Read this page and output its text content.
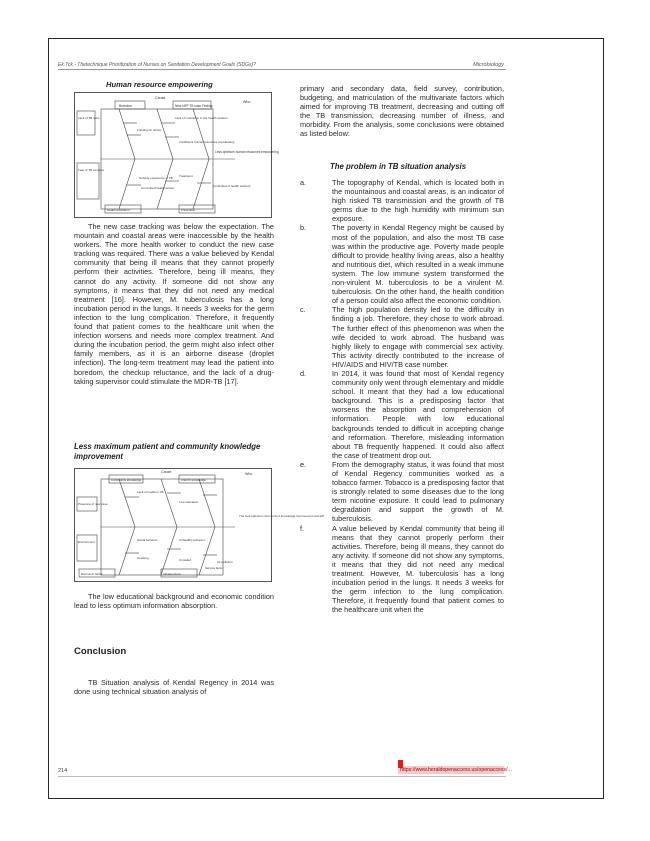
Ek.Tck - Thetechnique Prioritization of Nurses on Sanitation Development Goals (SDGs)?	Microbiology
Human resource empowering
Cause
New NFP TB case Finding
Boredom
Who
Lack of TB Jobs	Lack of motivation in the health workers
Funding for doctor
Insufficient human resources coordinating
Less optimum human resources empowering
Fear of TB complex
Health education	Prevention
Committed health worker
Treatment
Nobody experience in TB
Controlled of health workers

The new case tracking was below the expectation. The mountain and coastal areas were inaccessible by the health workers. The more health worker to conduct the new case tracking was required. There was a value believed by Kendal community that being ill means that they cannot properly perform their activities. Therefore, being ill means, they cannot do any activity. If someone did not show any symptoms, it means that they did not need any medical treatment [16]. However, M. tuberculosis has a long incubation period in the lungs. It needs 3 weeks for the germ infection to the lung complication. Therefore, it frequently found that patient comes to the healthcare unit when the infection worsens and needs more complex treatment. And during the incubation period, the germ might also infect other family members, as it is an airborne disease (droplet infection). The long-term treatment may lead the patient into boredom, the checkup reluctance, and the lack of a drug-taking supervisor could stimulate the MDR-TB [17].

Less maximum patient and community knowledge improvement
Cause
Community knowledge	Client's knowledge
Who
The less optimum community's knowledge improvement and HP
Lack of media in TB
Low education
Presence of new case
Environment	Social behavior	Unhealthy behavior
Smoking
Air pollution
Crowded
Economic factor	Infrastructure
Service factor

The low educational background and economic condition lead to less optimum information absorption.

Conclusion

TB Situation analysis of Kendal Regency in 2014 was done using technical situation analysis of

primary and secondary data, field survey, contribution, budgeting, and matriculation of the multivariate factors which aimed for improving TB treatment, decreasing and cutting off the TB transmission, decreasing number of illness, and morbidity. From the analysis, some conclusions were obtained as listed below:

The problem in TB situation analysis
a.	The topography of Kendal, which is located both in the mountainous and coastal areas, is an indicator of high risked TB transmission and the growth of TB germs due to the high humidity with minimum sun exposure.
b.	The poverty in Kendal Regency might be caused by most of the population, and also the most TB case was within the productive age. Poverty made people difficult to provide healthy living areas, also a healthy and nutritious diet, which resulted in a weak immune system. The low immune system transformed the non-virulent M. tuberculosis to be a virulent M. tuberculosis. On the other hand, the health condition of a person could also affect the economic condition.
c.	The high population density led to the difficulty in finding a job. Therefore, they chose to work abroad. The further effect of this phenomenon was when the wife decided to work abroad. The husband was highly likely to engage with commercial sex activity. This activity directly contributed to the increase of HIV/AIDS and HIV/TB case number.
d.	In 2014, it was found that most of Kendal regency community only went through elementary and middle school. It meant that they had a low educational background. This is a predisposing factor that worsens the absorption and comprehension of information. People with low educational backgrounds tended to difficult in accepting change and reformation. Therefore, misleading information about TB frequently happened. It could also affect the case of treatment drop out.
e.	From the demography status, it was found that most of Kendal Regency communities worked as a tobacco farmer. Tobacco is a predisposing factor that is strongly related to some diseases due to the long term nicotine exposure. It could lead to pulmonary degradation and support the growth of M. tuberculosis.
f.	A value believed by Kendal community that being ill means that they cannot properly perform their activities. Therefore, being ill means, they cannot do any activity. If someone did not show any symptoms, it means that they did not need any medical treatment. However, M. tuberculosis has a long incubation period in the lungs. It needs 3 weeks for the germ infection to the lung complication. Therefore, it frequently found that patient comes to the healthcare unit when the
214	https://www.heraldopenaccess.us/openaccess/...
